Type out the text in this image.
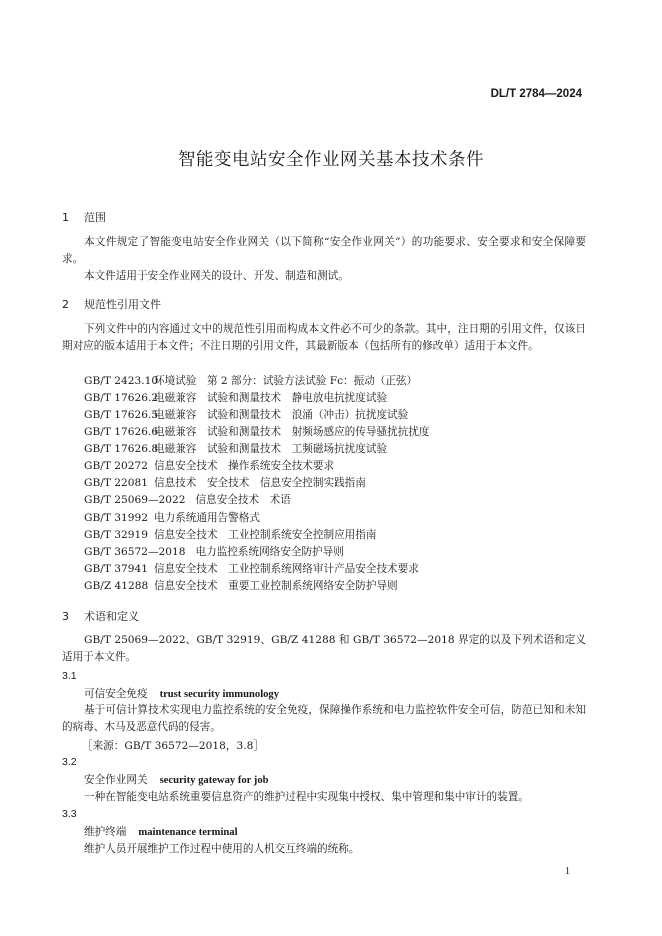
DL/T 2784—2024
智能变电站安全作业网关基本技术条件
1 范围

本文件规定了智能变电站安全作业网关（以下简称“安全作业网关”）的功能要求、安全要求和安全保障要求。

本文件适用于安全作业网关的设计、开发、制造和测试。

2 规范性引用文件

下列文件中的内容通过文中的规范性引用而构成本文件必不可少的条款。其中，注日期的引用文件，仅该日期对应的版本适用于本文件；不注日期的引用文件，其最新版本（包括所有的修改单）适用于本文件。

GB/T 2423.10环境试验　第 2 部分：试验方法试验 Fc：振动（正弦）
GB/T 17626.2电磁兼容　试验和测量技术　静电放电抗扰度试验
GB/T 17626.5电磁兼容　试验和测量技术　浪涌（冲击）抗扰度试验
GB/T 17626.6电磁兼容　试验和测量技术　射频场感应的传导骚扰抗扰度
GB/T 17626.8电磁兼容　试验和测量技术　工频磁场抗扰度试验
GB/T 20272 信息安全技术　操作系统安全技术要求
GB/T 22081 信息技术　安全技术　信息安全控制实践指南
GB/T 25069—2022 信息安全技术　术语
GB/T 31992 电力系统通用告警格式
GB/T 32919 信息安全技术　工业控制系统安全控制应用指南
GB/T 36572—2018 电力监控系统网络安全防护导则
GB/T 37941 信息安全技术　工业控制系统网络审计产品安全技术要求
GB/Z 41288 信息安全技术　重要工业控制系统网络安全防护导则
3 术语和定义

GB/T 25069—2022、GB/T 32919、GB/Z 41288 和 GB/T 36572—2018 界定的以及下列术语和定义适用于本文件。

3.1
可信安全免疫 trust security immunology

基于可信计算技术实现电力监控系统的安全免疫，保障操作系统和电力监控软件安全可信，防范已知和未知的病毒、木马及恶意代码的侵害。

［来源：GB/T 36572—2018，3.8］
3.2
安全作业网关 security gateway for job
一种在智能变电站系统重要信息资产的维护过程中实现集中授权、集中管理和集中审计的装置。
3.3
维护终端 maintenance terminal
维护人员开展维护工作过程中使用的人机交互终端的统称。
1
